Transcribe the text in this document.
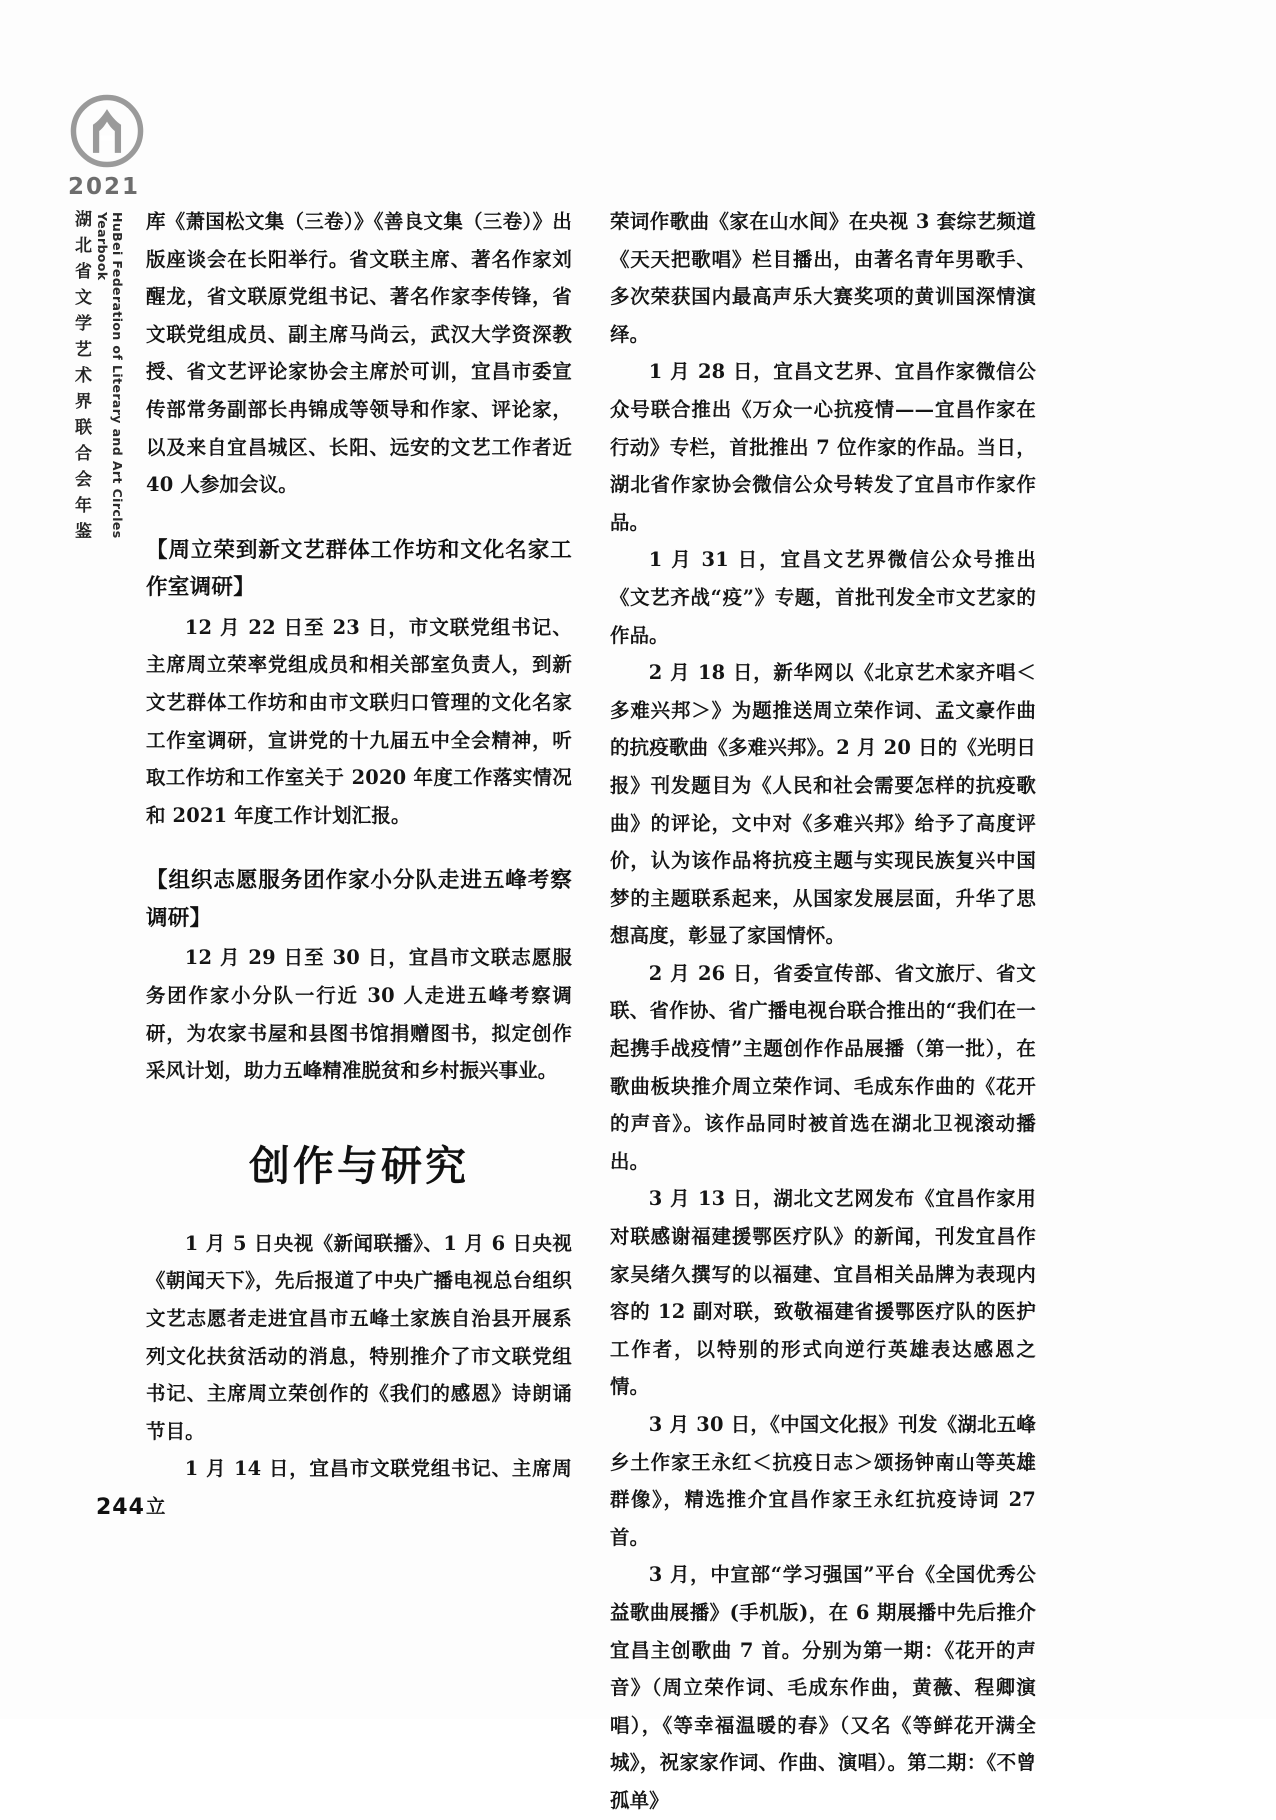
2021
湖北省文学艺术界联合会年鉴	HuBei Federation of Literary and Art Circles Yearbook	库《萧国松文集（三卷）》《善良文集（三卷）》出版座谈会在长阳举行。省文联主席、著名作家刘醒龙，省文联原党组书记、著名作家李传锋，省文联党组成员、副主席马尚云，武汉大学资深教授、省文艺评论家协会主席於可训，宜昌市委宣传部常务副部长冉锦成等领导和作家、评论家，以及来自宜昌城区、长阳、远安的文艺工作者近 40 人参加会议。

【周立荣到新文艺群体工作坊和文化名家工作室调研】

12 月 22 日至 23 日，市文联党组书记、主席周立荣率党组成员和相关部室负责人，到新文艺群体工作坊和由市文联归口管理的文化名家工作室调研，宣讲党的十九届五中全会精神，听取工作坊和工作室关于 2020 年度工作落实情况和 2021 年度工作计划汇报。

【组织志愿服务团作家小分队走进五峰考察调研】

12 月 29 日至 30 日，宜昌市文联志愿服务团作家小分队一行近 30 人走进五峰考察调研，为农家书屋和县图书馆捐赠图书，拟定创作采风计划，助力五峰精准脱贫和乡村振兴事业。

创作与研究

1 月 5 日央视《新闻联播》、1 月 6 日央视《朝闻天下》，先后报道了中央广播电视总台组织文艺志愿者走进宜昌市五峰土家族自治县开展系列文化扶贫活动的消息，特别推介了市文联党组书记、主席周立荣创作的《我们的感恩》诗朗诵节目。

1 月 14 日，宜昌市文联党组书记、主席周立

荣词作歌曲《家在山水间》在央视 3 套综艺频道《天天把歌唱》栏目播出，由著名青年男歌手、多次荣获国内最高声乐大赛奖项的黄训国深情演绎。

1 月 28 日，宜昌文艺界、宜昌作家微信公众号联合推出《万众一心抗疫情——宜昌作家在行动》专栏，首批推出 7 位作家的作品。当日，湖北省作家协会微信公众号转发了宜昌市作家作品。

1 月 31 日，宜昌文艺界微信公众号推出《文艺齐战“疫”》专题，首批刊发全市文艺家的作品。

2 月 18 日，新华网以《北京艺术家齐唱＜多难兴邦＞》为题推送周立荣作词、孟文豪作曲的抗疫歌曲《多难兴邦》。2 月 20 日的《光明日报》刊发题目为《人民和社会需要怎样的抗疫歌曲》的评论，文中对《多难兴邦》给予了高度评价，认为该作品将抗疫主题与实现民族复兴中国梦的主题联系起来，从国家发展层面，升华了思想高度，彰显了家国情怀。

2 月 26 日，省委宣传部、省文旅厅、省文联、省作协、省广播电视台联合推出的“我们在一起携手战疫情”主题创作作品展播（第一批），在歌曲板块推介周立荣作词、毛成东作曲的《花开的声音》。该作品同时被首选在湖北卫视滚动播出。

3 月 13 日，湖北文艺网发布《宜昌作家用对联感谢福建援鄂医疗队》的新闻，刊发宜昌作家吴绪久撰写的以福建、宜昌相关品牌为表现内容的 12 副对联，致敬福建省援鄂医疗队的医护工作者，以特别的形式向逆行英雄表达感恩之情。

3 月 30 日，《中国文化报》刊发《湖北五峰乡土作家王永红＜抗疫日志＞颂扬钟南山等英雄群像》，精选推介宜昌作家王永红抗疫诗词 27 首。

3 月，中宣部“学习强国”平台《全国优秀公益歌曲展播》(手机版)，在 6 期展播中先后推介宜昌主创歌曲 7 首。分别为第一期：《花开的声音》（周立荣作词、毛成东作曲，黄薇、程卿演唱），《等幸福温暖的春》（又名《等鲜花开满全城》，祝家家作词、作曲、演唱）。第二期：《不曾孤单》

244
